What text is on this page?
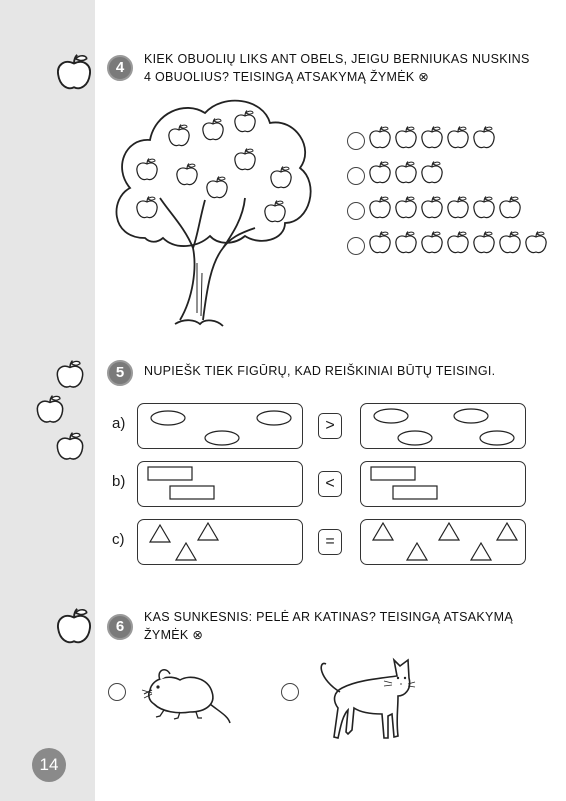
4	KIEK OBUOLIŲ LIKS ANT OBELS, JEIGU BERNIUKAS NUSKINS
4 OBUOLIUS? TEISINGĄ ATSAKYMĄ ŽYMĖK ⊗
5	NUPIEŠK TIEK FIGŪRŲ, KAD REIŠKINIAI BŪTŲ TEISINGI.
a)	>
b)	<
c)	=
6
KAS SUNKESNIS: PELĖ AR KATINAS? TEISINGĄ ATSAKYMĄ
ŽYMĖK ⊗
14
